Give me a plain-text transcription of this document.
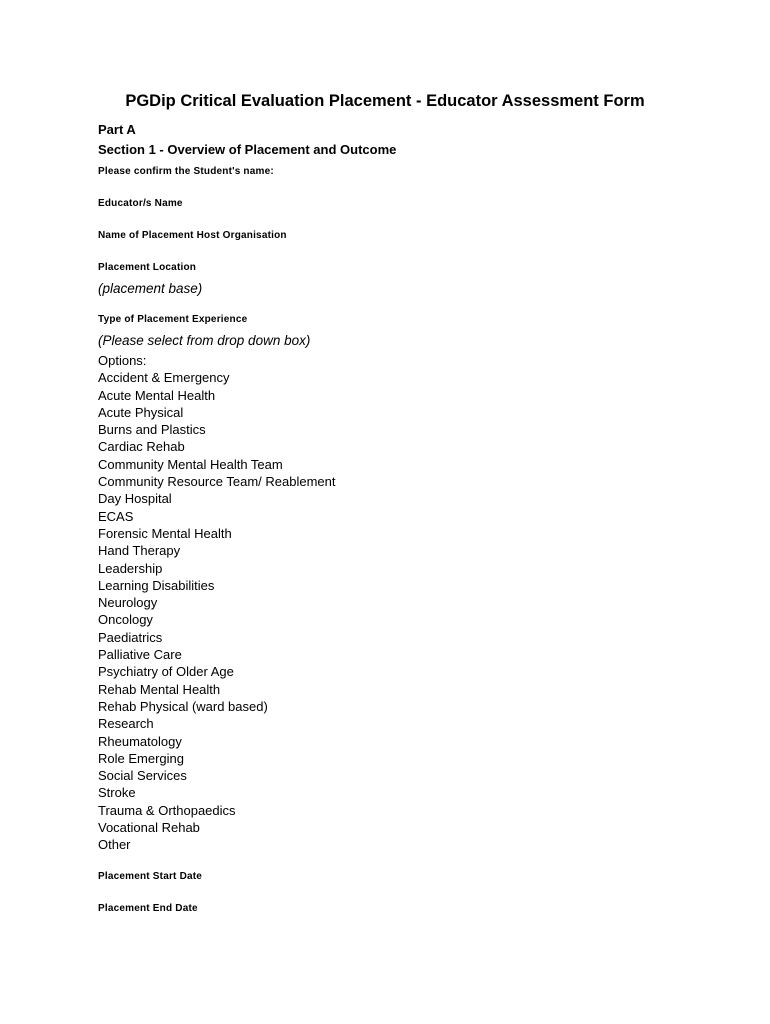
PGDip Critical Evaluation Placement - Educator Assessment Form
Part A
Section 1 - Overview of Placement and Outcome
Please confirm the Student's name:
Educator/s Name
Name of Placement Host Organisation
Placement Location
(placement base)
Type of Placement Experience
(Please select from drop down box)
Options:
Accident & Emergency
Acute Mental Health
Acute Physical
Burns and Plastics
Cardiac Rehab
Community Mental Health Team
Community Resource Team/ Reablement
Day Hospital
ECAS
Forensic Mental Health
Hand Therapy
Leadership
Learning Disabilities
Neurology
Oncology
Paediatrics
Palliative Care
Psychiatry of Older Age
Rehab Mental Health
Rehab Physical (ward based)
Research
Rheumatology
Role Emerging
Social Services
Stroke
Trauma & Orthopaedics
Vocational Rehab
Other
Placement Start Date
Placement End Date
